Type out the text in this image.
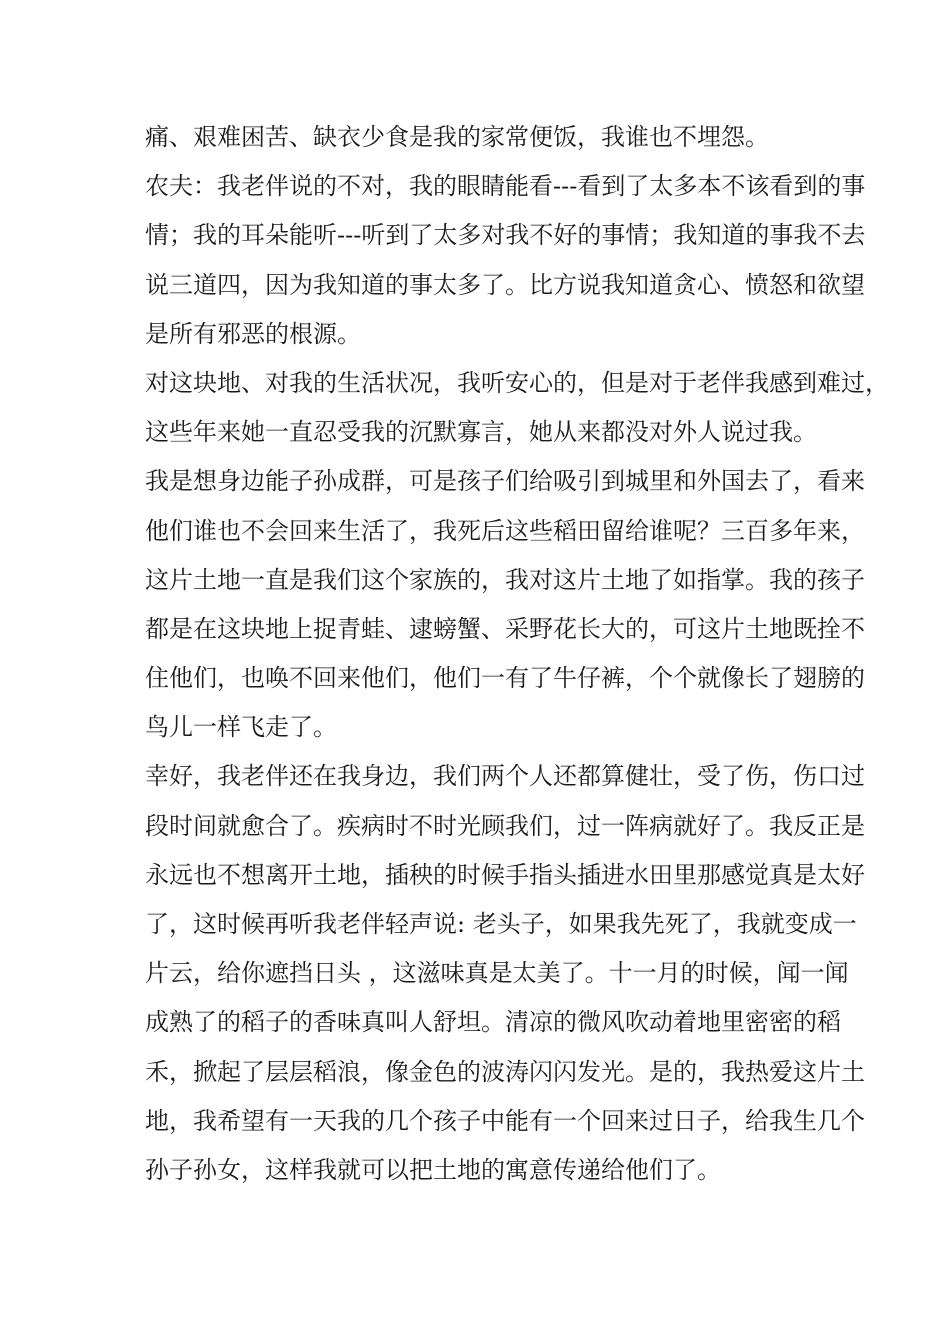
痛、艰难困苦、缺衣少食是我的家常便饭，我谁也不埋怨。
农夫：我老伴说的不对，我的眼睛能看---看到了太多本不该看到的事
情；我的耳朵能听---听到了太多对我不好的事情；我知道的事我不去
说三道四，因为我知道的事太多了。比方说我知道贪心、愤怒和欲望
是所有邪恶的根源。
对这块地、对我的生活状况，我听安心的，但是对于老伴我感到难过，
这些年来她一直忍受我的沉默寡言，她从来都没对外人说过我。
我是想身边能子孙成群，可是孩子们给吸引到城里和外国去了，看来
他们谁也不会回来生活了，我死后这些稻田留给谁呢？三百多年来，
这片土地一直是我们这个家族的，我对这片土地了如指掌。我的孩子
都是在这块地上捉青蛙、逮螃蟹、采野花长大的，可这片土地既拴不
住他们，也唤不回来他们，他们一有了牛仔裤，个个就像长了翅膀的
鸟儿一样飞走了。
幸好，我老伴还在我身边，我们两个人还都算健壮，受了伤，伤口过
段时间就愈合了。疾病时不时光顾我们，过一阵病就好了。我反正是
永远也不想离开土地，插秧的时候手指头插进水田里那感觉真是太好
了，这时候再听我老伴轻声说: 老头子，如果我先死了，我就变成一
片云，给你遮挡日头 ，这滋味真是太美了。十一月的时候，闻一闻
成熟了的稻子的香味真叫人舒坦。清凉的微风吹动着地里密密的稻
禾，掀起了层层稻浪，像金色的波涛闪闪发光。是的，我热爱这片土
地，我希望有一天我的几个孩子中能有一个回来过日子，给我生几个
孙子孙女，这样我就可以把土地的寓意传递给他们了。
